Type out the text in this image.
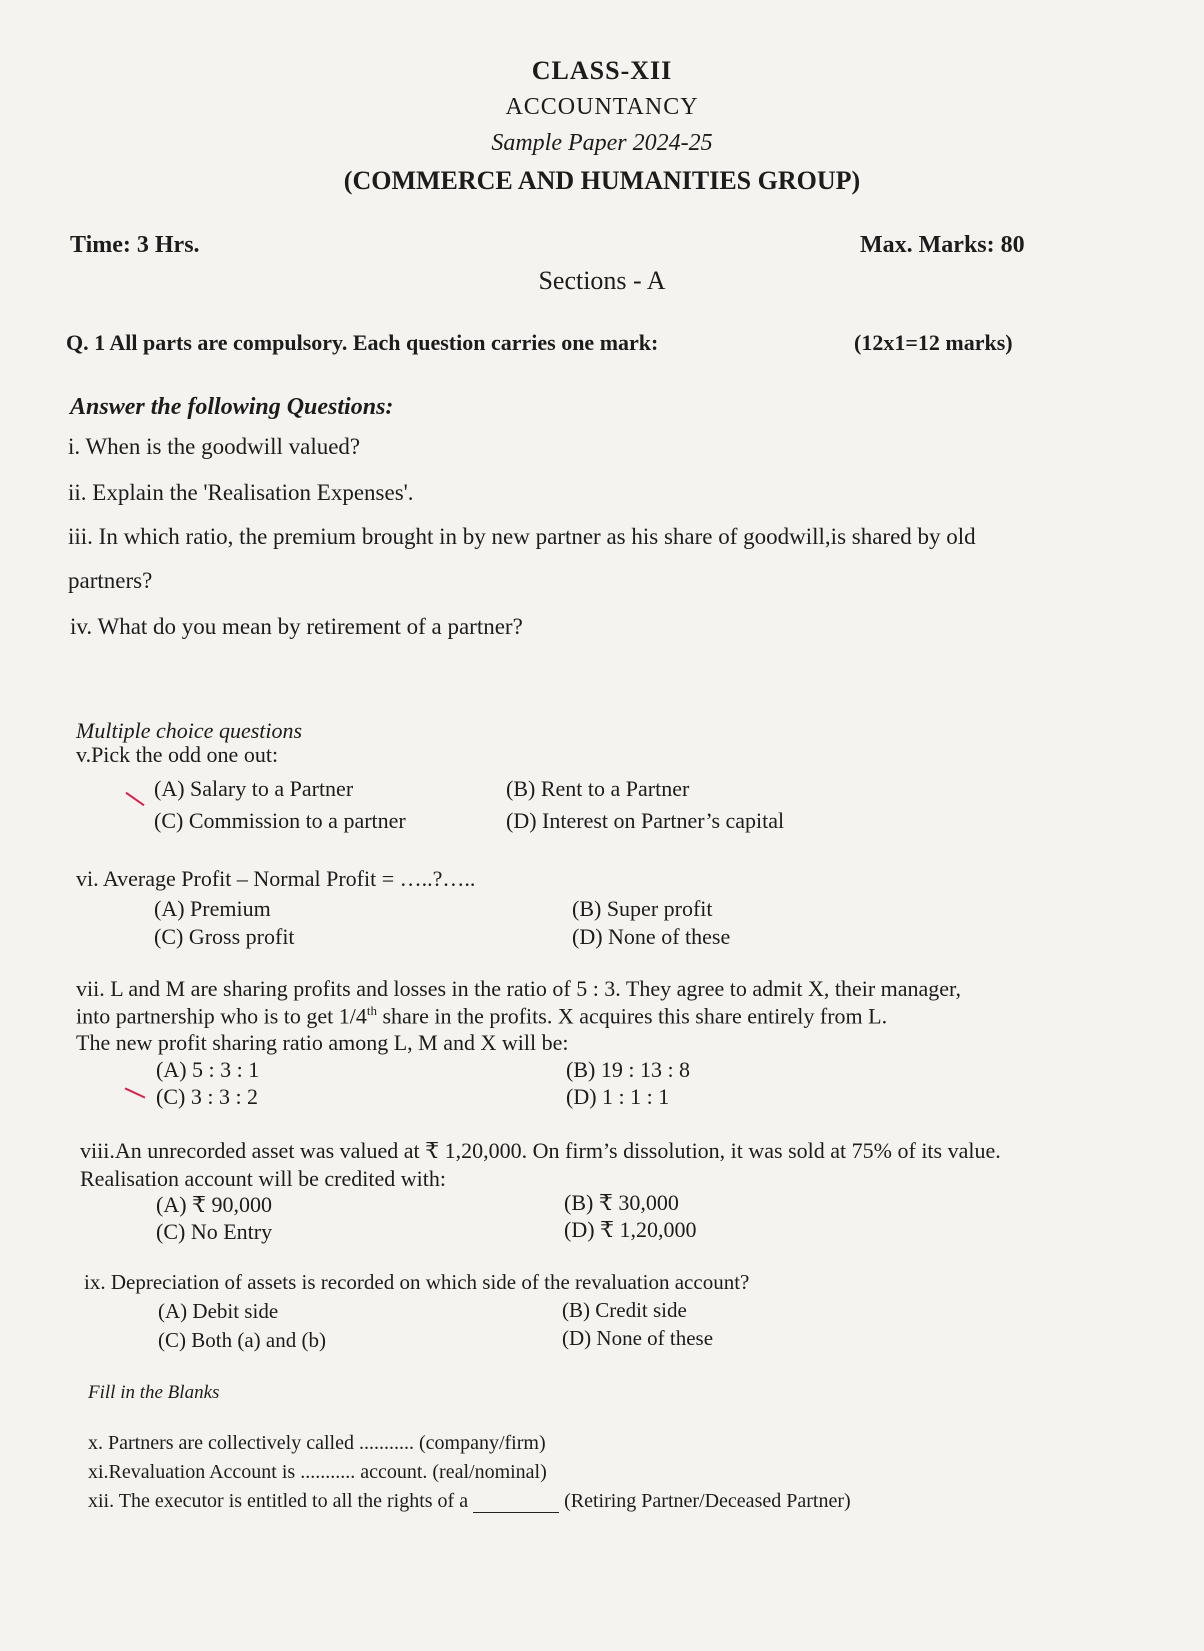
CLASS-XII
ACCOUNTANCY
Sample Paper 2024-25
(COMMERCE AND HUMANITIES GROUP)
Time: 3 Hrs.	Max. Marks: 80
Sections - A
Q. 1 All parts are compulsory. Each question carries one mark:	(12x1=12 marks)
Answer the following Questions:
i. When is the goodwill valued?
ii. Explain the 'Realisation Expenses'.
iii. In which ratio, the premium brought in by new partner as his share of goodwill,is shared by old
partners?
iv. What do you mean by retirement of a partner?
Multiple choice questions
v.Pick the odd one out:
(A) Salary to a Partner	(B) Rent to a Partner
(C) Commission to a partner	(D) Interest on Partner’s capital
vi. Average Profit – Normal Profit = …..?…..
(A) Premium	(B) Super profit
(C) Gross profit	(D) None of these
vii. L and M are sharing profits and losses in the ratio of 5 : 3. They agree to admit X, their manager,
into partnership who is to get 1/4th share in the profits. X acquires this share entirely from L.
The new profit sharing ratio among L, M and X will be:
(A) 5 : 3 : 1	(B) 19 : 13 : 8
(C) 3 : 3 : 2	(D) 1 : 1 : 1
viii.An unrecorded asset was valued at ₹ 1,20,000. On firm’s dissolution, it was sold at 75% of its value.
Realisation account will be credited with:
(A) ₹ 90,000	(B) ₹ 30,000
(C) No Entry	(D) ₹ 1,20,000
ix. Depreciation of assets is recorded on which side of the revaluation account?
(A) Debit side	(B) Credit side
(C) Both (a) and (b)	(D) None of these
Fill in the Blanks
x. Partners are collectively called ........... (company/firm)
xi.Revaluation Account is ........... account. (real/nominal)
xii. The executor is entitled to all the rights of a	(Retiring Partner/Deceased Partner)
